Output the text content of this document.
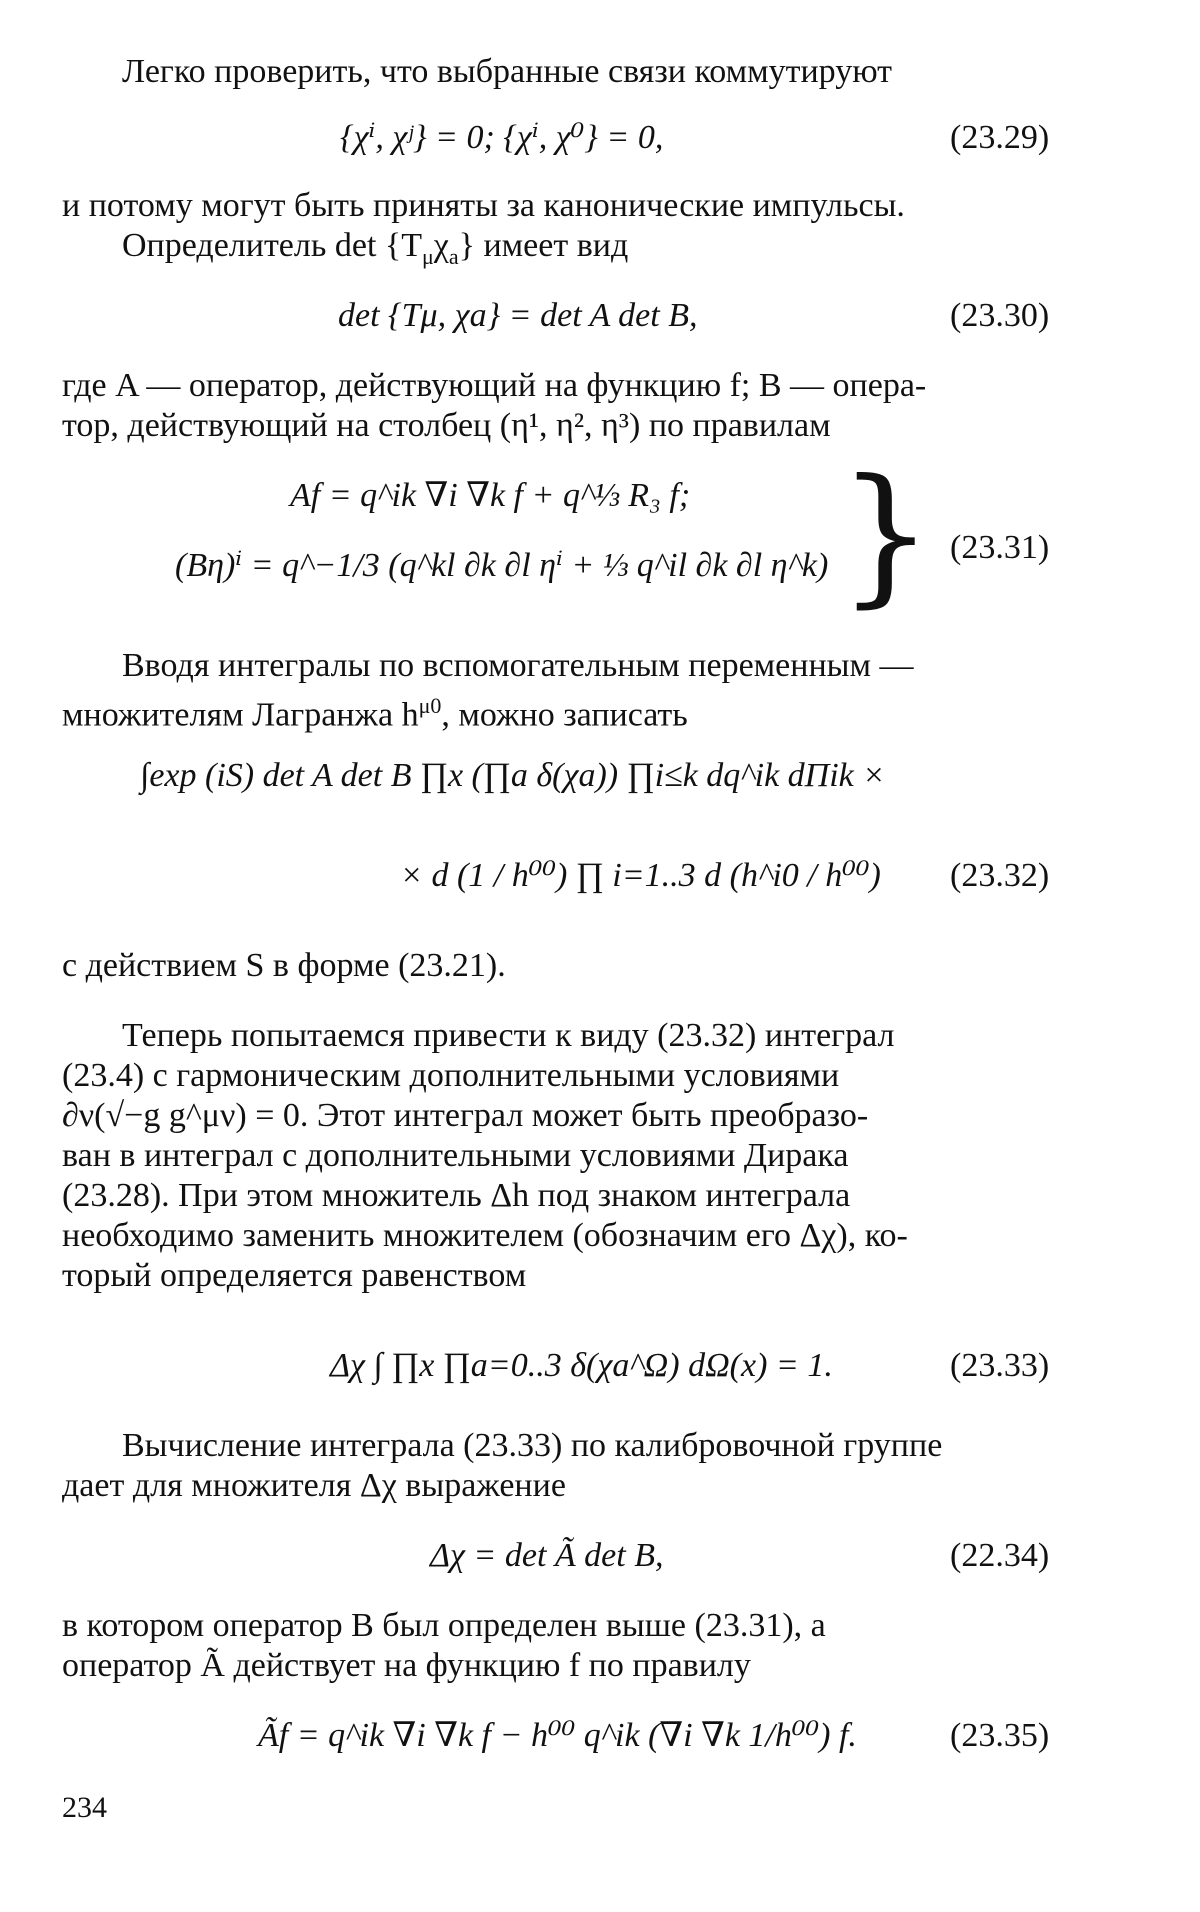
Легко проверить, что выбранные связи коммутируют
{χⁱ, χʲ} = 0; {χⁱ, χ⁰} = 0,	(23.29)
и потому могут быть приняты за канонические импульсы.
Определитель $\det \{T_\mu\chi_a\}$ имеет вид
det {Tμ, χa} = det A det B,	(23.30)
где A — оператор, действующий на функцию f; B — опера-
тор, действующий на столбец (η¹, η², η³) по правилам
Af = q^ik ∇i ∇k f + q^⅓ R₃ f;
(Bη)ⁱ = q^−1/3 (q^kl ∂k ∂l ηⁱ + ⅓ q^il ∂k ∂l η^k) } (23.31)
Вводя интегралы по вспомогательным переменным —
множителям Лагранжа $h^{\mu 0}$, можно записать
∫exp (iS) det A det B ∏x (∏a δ(χa)) ∏i≤k dq^ik dΠik ×
× d (1 / h⁰⁰) ∏ i=1..3 d (h^i0 / h⁰⁰) (23.32)
с действием S в форме (23.21).
Теперь попытаемся привести к виду (23.32) интеграл
(23.4) с гармоническим дополнительными условиями
∂ν(√−g g^μν) = 0. Этот интеграл может быть преобразо-
ван в интеграл с дополнительными условиями Дирака
(23.28). При этом множитель Δh под знаком интеграла
необходимо заменить множителем (обозначим его Δχ), ко-
торый определяется равенством
Δχ ∫ ∏x ∏a=0..3 δ(χa^Ω) dΩ(x) = 1.	(23.33)
Вычисление интеграла (23.33) по калибровочной группе
дает для множителя Δχ выражение
Δχ = det Ã det B,	(22.34)
в котором оператор B был определен выше (23.31), а
оператор Ã действует на функцию f по правилу
Ãf = q^ik ∇i ∇k f − h⁰⁰ q^ik (∇i ∇k 1/h⁰⁰) f.	(23.35)
234
